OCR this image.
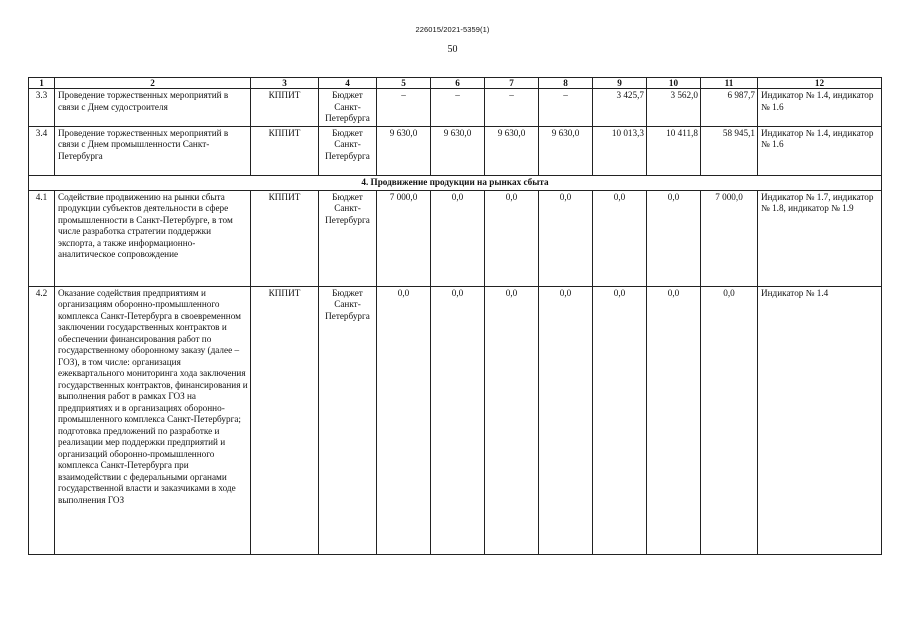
226015/2021-5359(1)
50
1	2	3	4	5	6	7	8	9	10	11	12
3.3	Проведение торжественных мероприятий в связи с Днем судостроителя	КППИТ	Бюджет Санкт-Петербурга	–	–	–	–	3 425,7	3 562,0	6 987,7	Индикатор № 1.4, индикатор № 1.6
3.4	Проведение торжественных мероприятий в связи с Днем промышленности Санкт-Петербурга	КППИТ	Бюджет Санкт-Петербурга	9 630,0	9 630,0	9 630,0	9 630,0	10 013,3	10 411,8	58 945,1	Индикатор № 1.4, индикатор № 1.6
4. Продвижение продукции на рынках сбыта											
4.1	Содействие продвижению на рынки сбыта продукции субъектов деятельности в сфере промышленности в Санкт-Петербурге, в том числе разработка стратегии поддержки экспорта, а также информационно-аналитическое сопровождение	КППИТ	Бюджет Санкт-Петербурга	7 000,0	0,0	0,0	0,0	0,0	0,0	7 000,0	Индикатор № 1.7, индикатор № 1.8, индикатор № 1.9
4.2	Оказание содействия предприятиям и организациям оборонно-промышленного комплекса Санкт-Петербурга в своевременном заключении государственных контрактов и обеспечении финансирования работ по государственному оборонному заказу (далее – ГОЗ), в том числе: организация ежеквартального мониторинга хода заключения государственных контрактов, финансирования и выполнения работ в рамках ГОЗ на предприятиях и в организациях оборонно-промышленного комплекса Санкт-Петербурга; подготовка предложений по разработке и реализации мер поддержки предприятий и организаций оборонно-промышленного комплекса Санкт-Петербурга при взаимодействии с федеральными органами государственной власти и заказчиками в ходе выполнения ГОЗ	КППИТ	Бюджет Санкт-Петербурга	0,0	0,0	0,0	0,0	0,0	0,0	0,0	Индикатор № 1.4
